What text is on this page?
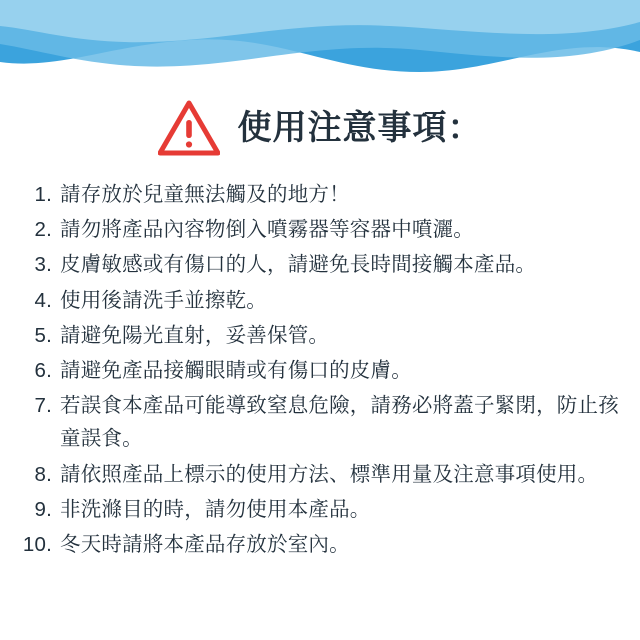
使用注意事項：
1. 請存放於兒童無法觸及的地方！
2. 請勿將產品內容物倒入噴霧器等容器中噴灑。
3. 皮膚敏感或有傷口的人，請避免長時間接觸本產品。
4. 使用後請洗手並擦乾。
5. 請避免陽光直射，妥善保管。
6. 請避免產品接觸眼睛或有傷口的皮膚。
7. 若誤食本產品可能導致窒息危險，請務必將蓋子緊閉，防止孩童誤食。
8. 請依照產品上標示的使用方法、標準用量及注意事項使用。
9. 非洗滌目的時，請勿使用本產品。
10. 冬天時請將本產品存放於室內。
